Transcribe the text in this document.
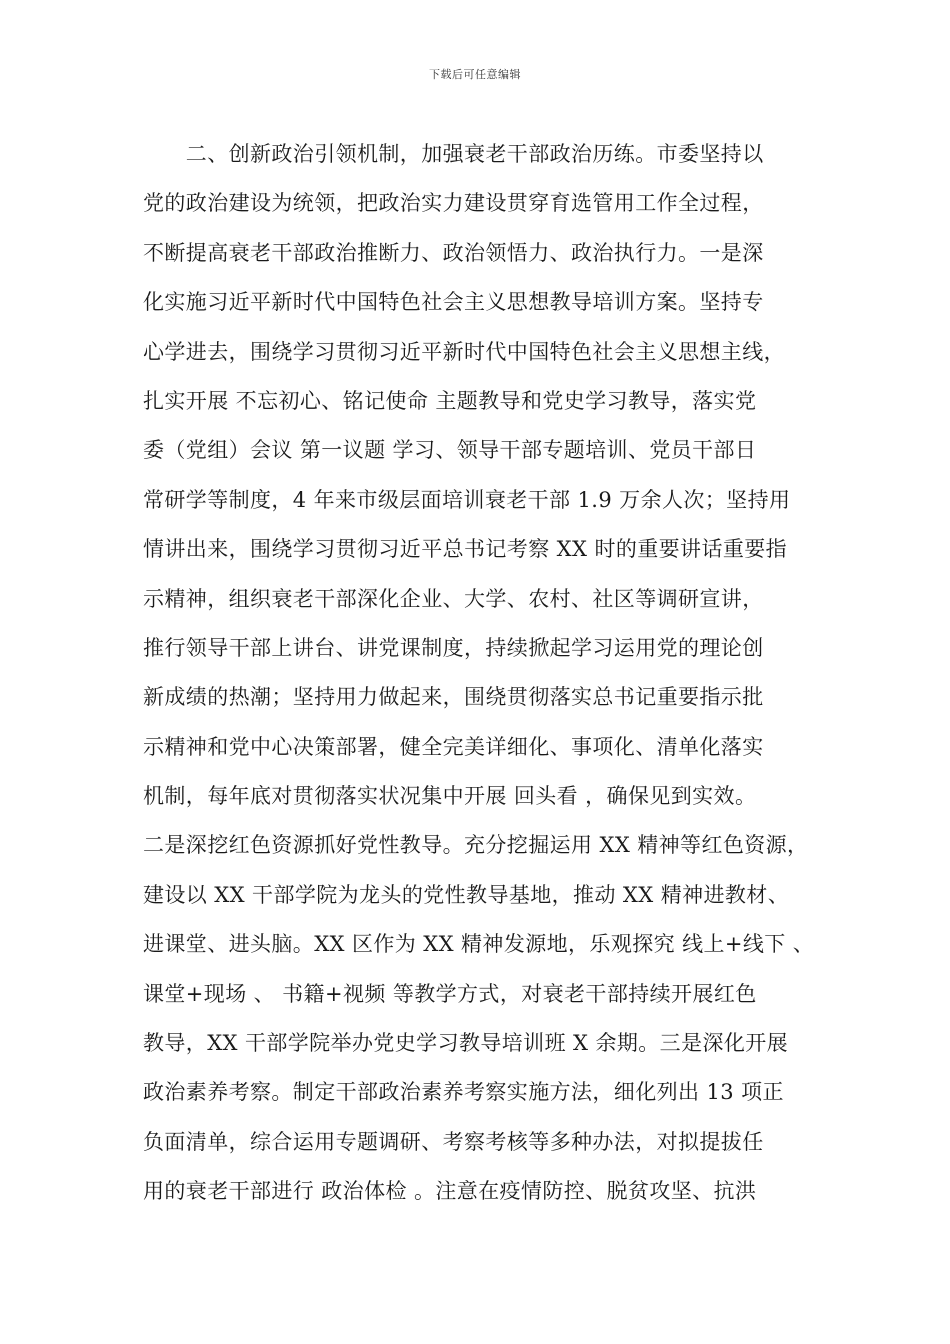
下载后可任意编辑
　　二、创新政治引领机制，加强衰老干部政治历练。市委坚持以
党的政治建设为统领，把政治实力建设贯穿育选管用工作全过程，
不断提高衰老干部政治推断力、政治领悟力、政治执行力。一是深
化实施习近平新时代中国特色社会主义思想教导培训方案。坚持专
心学进去，围绕学习贯彻习近平新时代中国特色社会主义思想主线，
扎实开展 不忘初心、铭记使命 主题教导和党史学习教导，落实党
委（党组）会议 第一议题 学习、领导干部专题培训、党员干部日
常研学等制度，4 年来市级层面培训衰老干部 1.9 万余人次；坚持用
情讲出来，围绕学习贯彻习近平总书记考察 XX 时的重要讲话重要指
示精神，组织衰老干部深化企业、大学、农村、社区等调研宣讲，
推行领导干部上讲台、讲党课制度，持续掀起学习运用党的理论创
新成绩的热潮；坚持用力做起来，围绕贯彻落实总书记重要指示批
示精神和党中心决策部署，健全完美详细化、事项化、清单化落实
机制，每年底对贯彻落实状况集中开展 回头看 ，确保见到实效。
二是深挖红色资源抓好党性教导。充分挖掘运用 XX 精神等红色资源，
建设以 XX 干部学院为龙头的党性教导基地，推动 XX 精神进教材、
进课堂、进头脑。XX 区作为 XX 精神发源地，乐观探究 线上+线下 、
课堂+现场 、 书籍+视频 等教学方式，对衰老干部持续开展红色
教导，XX 干部学院举办党史学习教导培训班 X 余期。三是深化开展
政治素养考察。制定干部政治素养考察实施方法，细化列出 13 项正
负面清单，综合运用专题调研、考察考核等多种办法，对拟提拔任
用的衰老干部进行 政治体检 。注意在疫情防控、脱贫攻坚、抗洪
